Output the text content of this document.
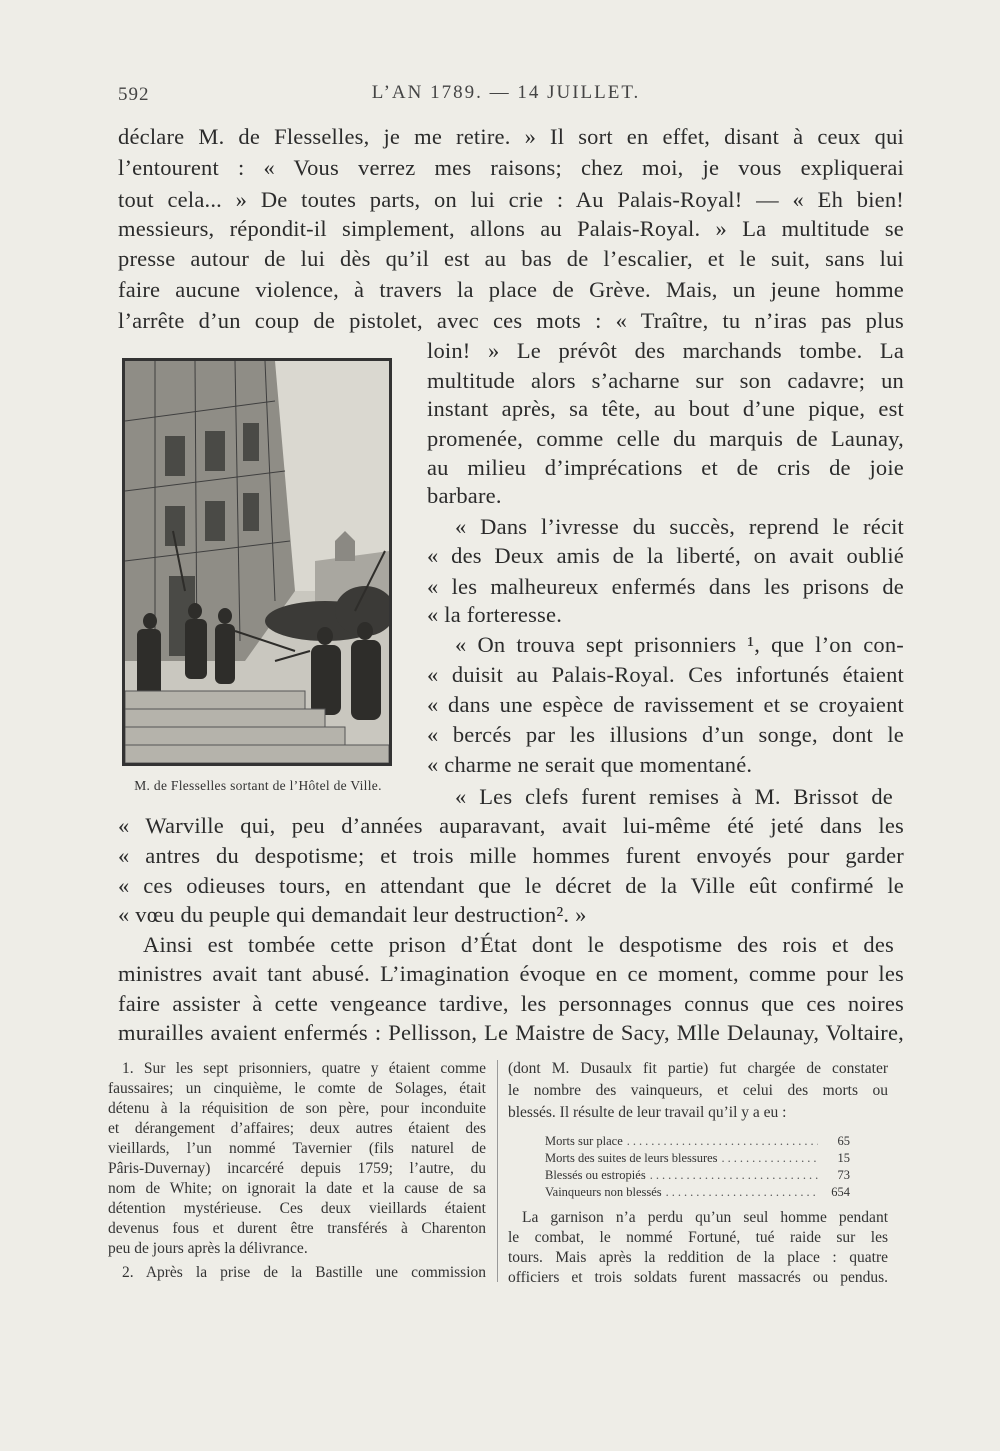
592	L’AN 1789. — 14 JUILLET.
déclare M. de Flesselles, je me retire. » Il sort en effet, disant à ceux qui
l’entourent : « Vous verrez mes raisons; chez moi, je vous expliquerai
tout cela... » De toutes parts, on lui crie : Au Palais-Royal! — « Eh bien!
messieurs, répondit-il simplement, allons au Palais-Royal. » La multitude se
presse autour de lui dès qu’il est au bas de l’escalier, et le suit, sans lui
faire aucune violence, à travers la place de Grève. Mais, un jeune homme
l’arrête d’un coup de pistolet, avec ces mots : « Traître, tu n’iras pas plus
M. de Flesselles sortant de l’Hôtel de Ville.
loin! » Le prévôt des marchands tombe. La
multitude alors s’acharne sur son cadavre; un
instant après, sa tête, au bout d’une pique, est
promenée, comme celle du marquis de Launay,
au milieu d’imprécations et de cris de joie
barbare.
« Dans l’ivresse du succès, reprend le récit
« des Deux amis de la liberté, on avait oublié
« les malheureux enfermés dans les prisons de
« la forteresse.
« On trouva sept prisonniers ¹, que l’on con-
« duisit au Palais-Royal. Ces infortunés étaient
« dans une espèce de ravissement et se croyaient
« bercés par les illusions d’un songe, dont le
« charme ne serait que momentané.
« Les clefs furent remises à M. Brissot de
« Warville qui, peu d’années auparavant, avait lui-même été jeté dans les
« antres du despotisme; et trois mille hommes furent envoyés pour garder
« ces odieuses tours, en attendant que le décret de la Ville eût confirmé le
« vœu du peuple qui demandait leur destruction². »
Ainsi est tombée cette prison d’État dont le despotisme des rois et des
ministres avait tant abusé. L’imagination évoque en ce moment, comme pour les
faire assister à cette vengeance tardive, les personnages connus que ces noires
murailles avaient enfermés : Pellisson, Le Maistre de Sacy, Mlle Delaunay, Voltaire,
1. Sur les sept prisonniers, quatre y étaient comme
faussaires; un cinquième, le comte de Solages, était
détenu à la réquisition de son père, pour inconduite
et dérangement d’affaires; deux autres étaient des
vieillards, l’un nommé Tavernier (fils naturel de
Pâris-Duvernay) incarcéré depuis 1759; l’autre, du
nom de White; on ignorait la date et la cause de sa
détention mystérieuse. Ces deux vieillards étaient
devenus fous et durent être transférés à Charenton
peu de jours après la délivrance.
2. Après la prise de la Bastille une commission
(dont M. Dusaulx fit partie) fut chargée de constater
le nombre des vainqueurs, et celui des morts ou
blessés. Il résulte de leur travail qu’il y a eu :
Morts sur place .....	65
Morts des suites de leurs blessures .....	15
Blessés ou estropiés .....	73
Vainqueurs non blessés .....	654
La garnison n’a perdu qu’un seul homme pendant
le combat, le nommé Fortuné, tué raide sur les
tours. Mais après la reddition de la place : quatre
officiers et trois soldats furent massacrés ou pendus.
